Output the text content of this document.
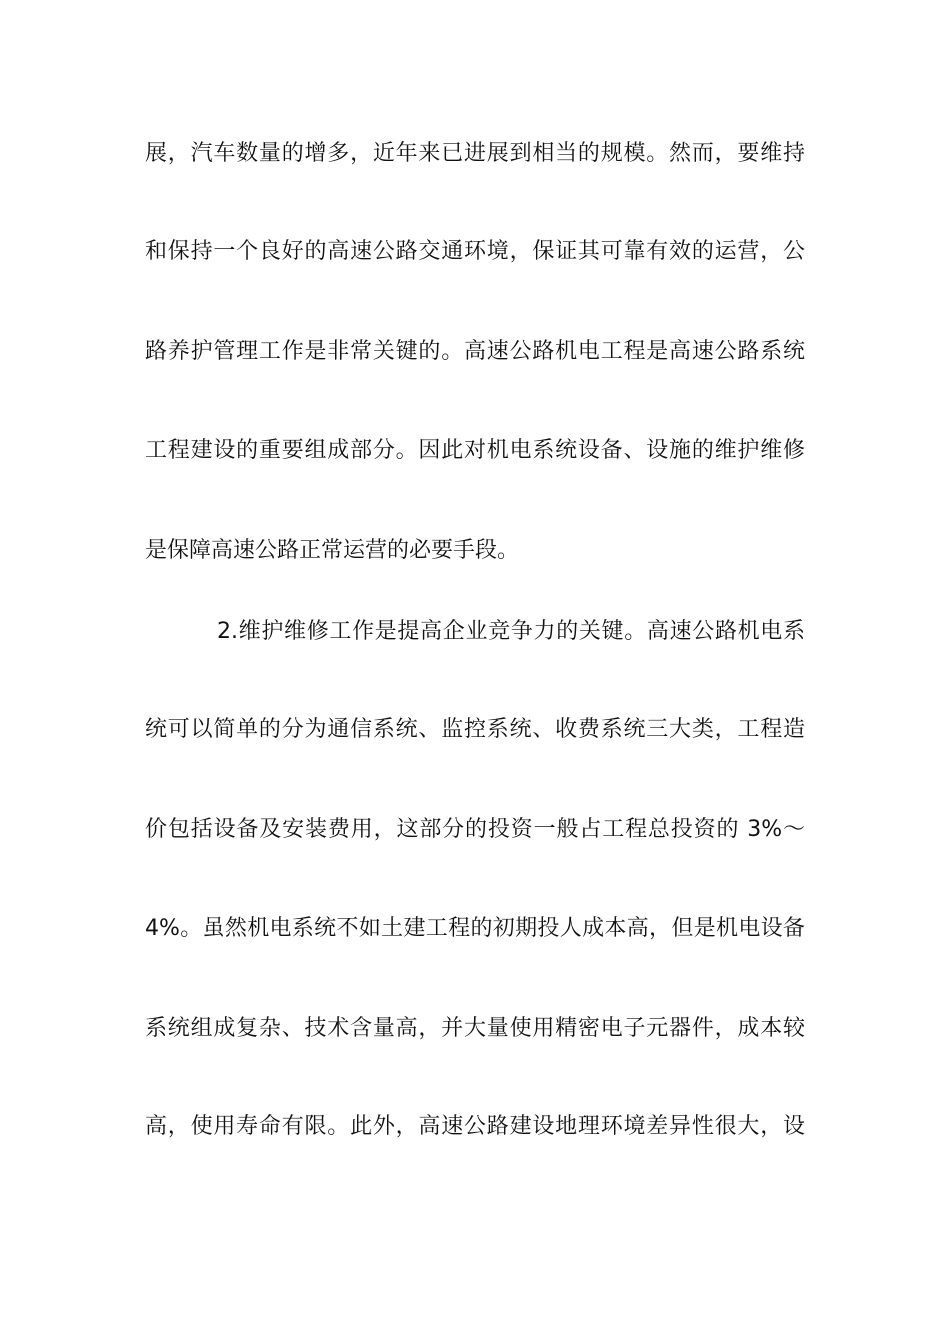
展，汽车数量的增多，近年来已进展到相当的规模。然而，要维持
和保持一个良好的高速公路交通环境，保证其可靠有效的运营，公
路养护管理工作是非常关键的。高速公路机电工程是高速公路系统
工程建设的重要组成部分。因此对机电系统设备、设施的维护维修
是保障高速公路正常运营的必要手段。
2.维护维修工作是提高企业竞争力的关键。高速公路机电系
统可以简单的分为通信系统、监控系统、收费系统三大类，工程造
价包括设备及安装费用，这部分的投资一般占工程总投资的 3%～
4%。虽然机电系统不如土建工程的初期投人成本高，但是机电设备
系统组成复杂、技术含量高，并大量使用精密电子元器件，成本较
高，使用寿命有限。此外，高速公路建设地理环境差异性很大，设
